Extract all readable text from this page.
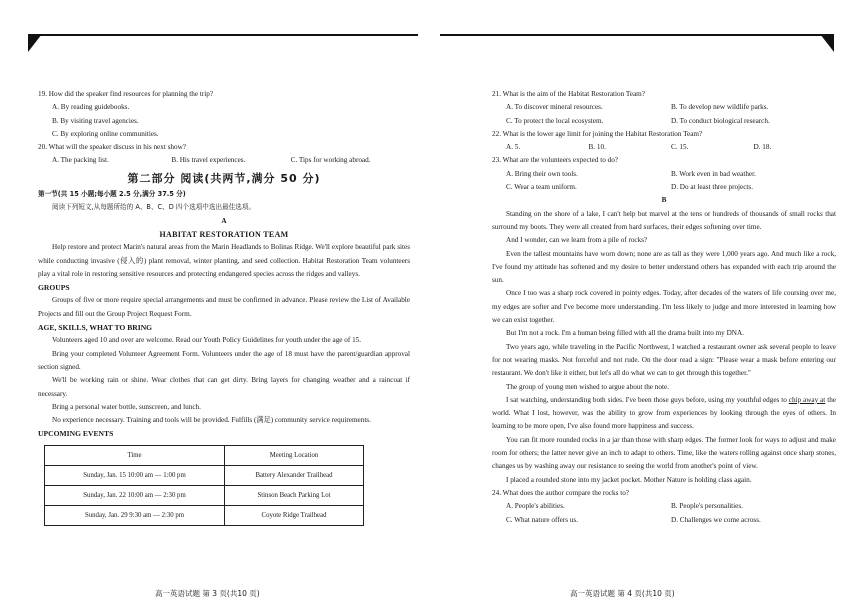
19. How did the speaker find resources for planning the trip?

A. By reading guidebooks.

B. By visiting travel agencies.

C. By exploring online communities.

20. What will the speaker discuss in his next show?

A. The packing list.	B. His travel experiences.	C. Tips for working abroad.
第二部分 阅读(共两节,满分 50 分)

第一节(共 15 小题;每小题 2.5 分,满分 37.5 分)

阅读下列短文,从每题所给的 A、B、C、D 四个选项中选出最佳选项。

A
HABITAT RESTORATION TEAM

Help restore and protect Marin's natural areas from the Marin Headlands to Bolinas Ridge. We'll explore beautiful park sites while conducting invasive (侵入的) plant removal, winter planting, and seed collection. Habitat Restoration Team volunteers play a vital role in restoring sensitive resources and protecting endangered species across the ridges and valleys.

GROUPS

Groups of five or more require special arrangements and must be confirmed in advance. Please review the List of Available Projects and fill out the Group Project Request Form.

AGE, SKILLS, WHAT TO BRING

Volunteers aged 10 and over are welcome. Read our Youth Policy Guidelines for youth under the age of 15.

Bring your completed Volunteer Agreement Form. Volunteers under the age of 18 must have the parent/guardian approval section signed.

We'll be working rain or shine. Wear clothes that can get dirty. Bring layers for changing weather and a raincoat if necessary.

Bring a personal water bottle, sunscreen, and lunch.

No experience necessary. Training and tools will be provided. Fulfills (满足) community service requirements.

UPCOMING EVENTS
Time	Meeting Location
Sunday, Jan. 15 10:00 am — 1:00 pm	Battery Alexander Trailhead
Sunday, Jan. 22 10:00 am — 2:30 pm	Stinson Beach Parking Lot
Sunday, Jan. 29 9:30 am — 2:30 pm	Coyote Ridge Trailhead
高一英语试题 第 3 页(共10 页)

21. What is the aim of the Habitat Restoration Team?

A. To discover mineral resources.	B. To develop new wildlife parks.
C. To protect the local ecosystem.	D. To conduct biological research.

22. What is the lower age limit for joining the Habitat Restoration Team?

A. 5.	B. 10.	C. 15.	D. 18.

23. What are the volunteers expected to do?

A. Bring their own tools.	B. Work even in bad weather.
C. Wear a team uniform.	D. Do at least three projects.
B

Standing on the shore of a lake, I can't help but marvel at the tens or hundreds of thousands of small rocks that surround my boots. They were all created from hard surfaces, their edges softening over time.

And I wonder, can we learn from a pile of rocks?

Even the tallest mountains have worn down; none are as tall as they were 1,000 years ago. And much like a rock, I've found my attitude has softened and my desire to better understand others has expanded with each trip around the sun.

Once I too was a sharp rock covered in pointy edges. Today, after decades of the waters of life coursing over me, my edges are softer and I've become more understanding. I'm less likely to judge and more interested in learning how we can exist together.

But I'm not a rock. I'm a human being filled with all the drama built into my DNA.

Two years ago, while traveling in the Pacific Northwest, I watched a restaurant owner ask several people to leave for not wearing masks. Not forceful and not rude. On the door read a sign: "Please wear a mask before entering our restaurant. We don't like it either, but let's all do what we can to get through this together."

The group of young men wished to argue about the note.

I sat watching, understanding both sides. I've been those guys before, using my youthful edges to chip away at the world. What I lost, however, was the ability to grow from experiences by looking through the eyes of others. In learning to be more open, I've also found more happiness and success.

You can fit more rounded rocks in a jar than those with sharp edges. The former look for ways to adjust and make room for others; the latter never give an inch to adapt to others. Time, like the waters rolling against once sharp stones, changes us by washing away our resistance to seeing the world from another's point of view.

I placed a rounded stone into my jacket pocket. Mother Nature is holding class again.

24. What does the author compare the rocks to?

A. People's abilities.	B. People's personalities.
C. What nature offers us.	D. Challenges we come across.
高一英语试题 第 4 页(共10 页)
